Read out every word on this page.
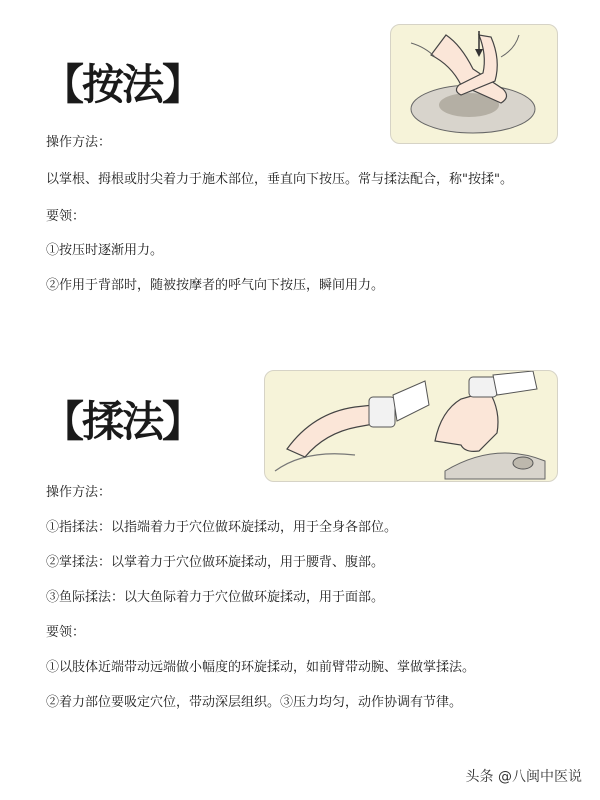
【按法】
操作方法：
以掌根、拇根或肘尖着力于施术部位，垂直向下按压。常与揉法配合，称"按揉"。
要领：
①按压时逐渐用力。
②作用于背部时，随被按摩者的呼气向下按压，瞬间用力。
【揉法】
操作方法：
①指揉法：以指端着力于穴位做环旋揉动，用于全身各部位。
②掌揉法：以掌着力于穴位做环旋揉动，用于腰背、腹部。
③鱼际揉法：以大鱼际着力于穴位做环旋揉动，用于面部。
要领：
①以肢体近端带动远端做小幅度的环旋揉动，如前臂带动腕、掌做掌揉法。
②着力部位要吸定穴位，带动深层组织。③压力均匀，动作协调有节律。
头条 @八闽中医说
